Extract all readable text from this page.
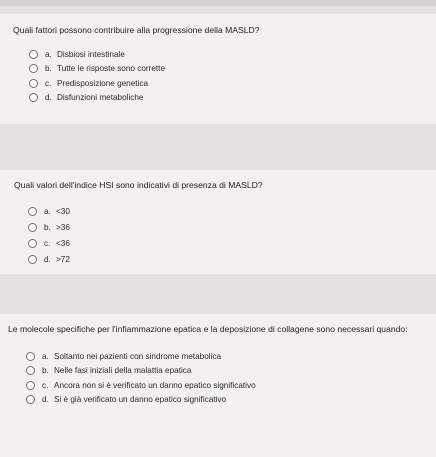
Quali fattori possono contribuire alla progressione della MASLD?
a. Disbiosi intestinale
b. Tutte le risposte sono corrette
c. Predisposizione genetica
d. Disfunzioni metaboliche
Quali valori dell'indice HSI sono indicativi di presenza di MASLD?
a. <30
b. >36
c. <36
d. >72
Le molecole specifiche per l'infiammazione epatica e la deposizione di collagene sono necessari quando:
a. Soltanto nei pazienti con sindrome metabolica
b. Nelle fasi iniziali della malattia epatica
c. Ancora non si è verificato un danno epatico significativo
d. Si è già verificato un danno epatico significativo
